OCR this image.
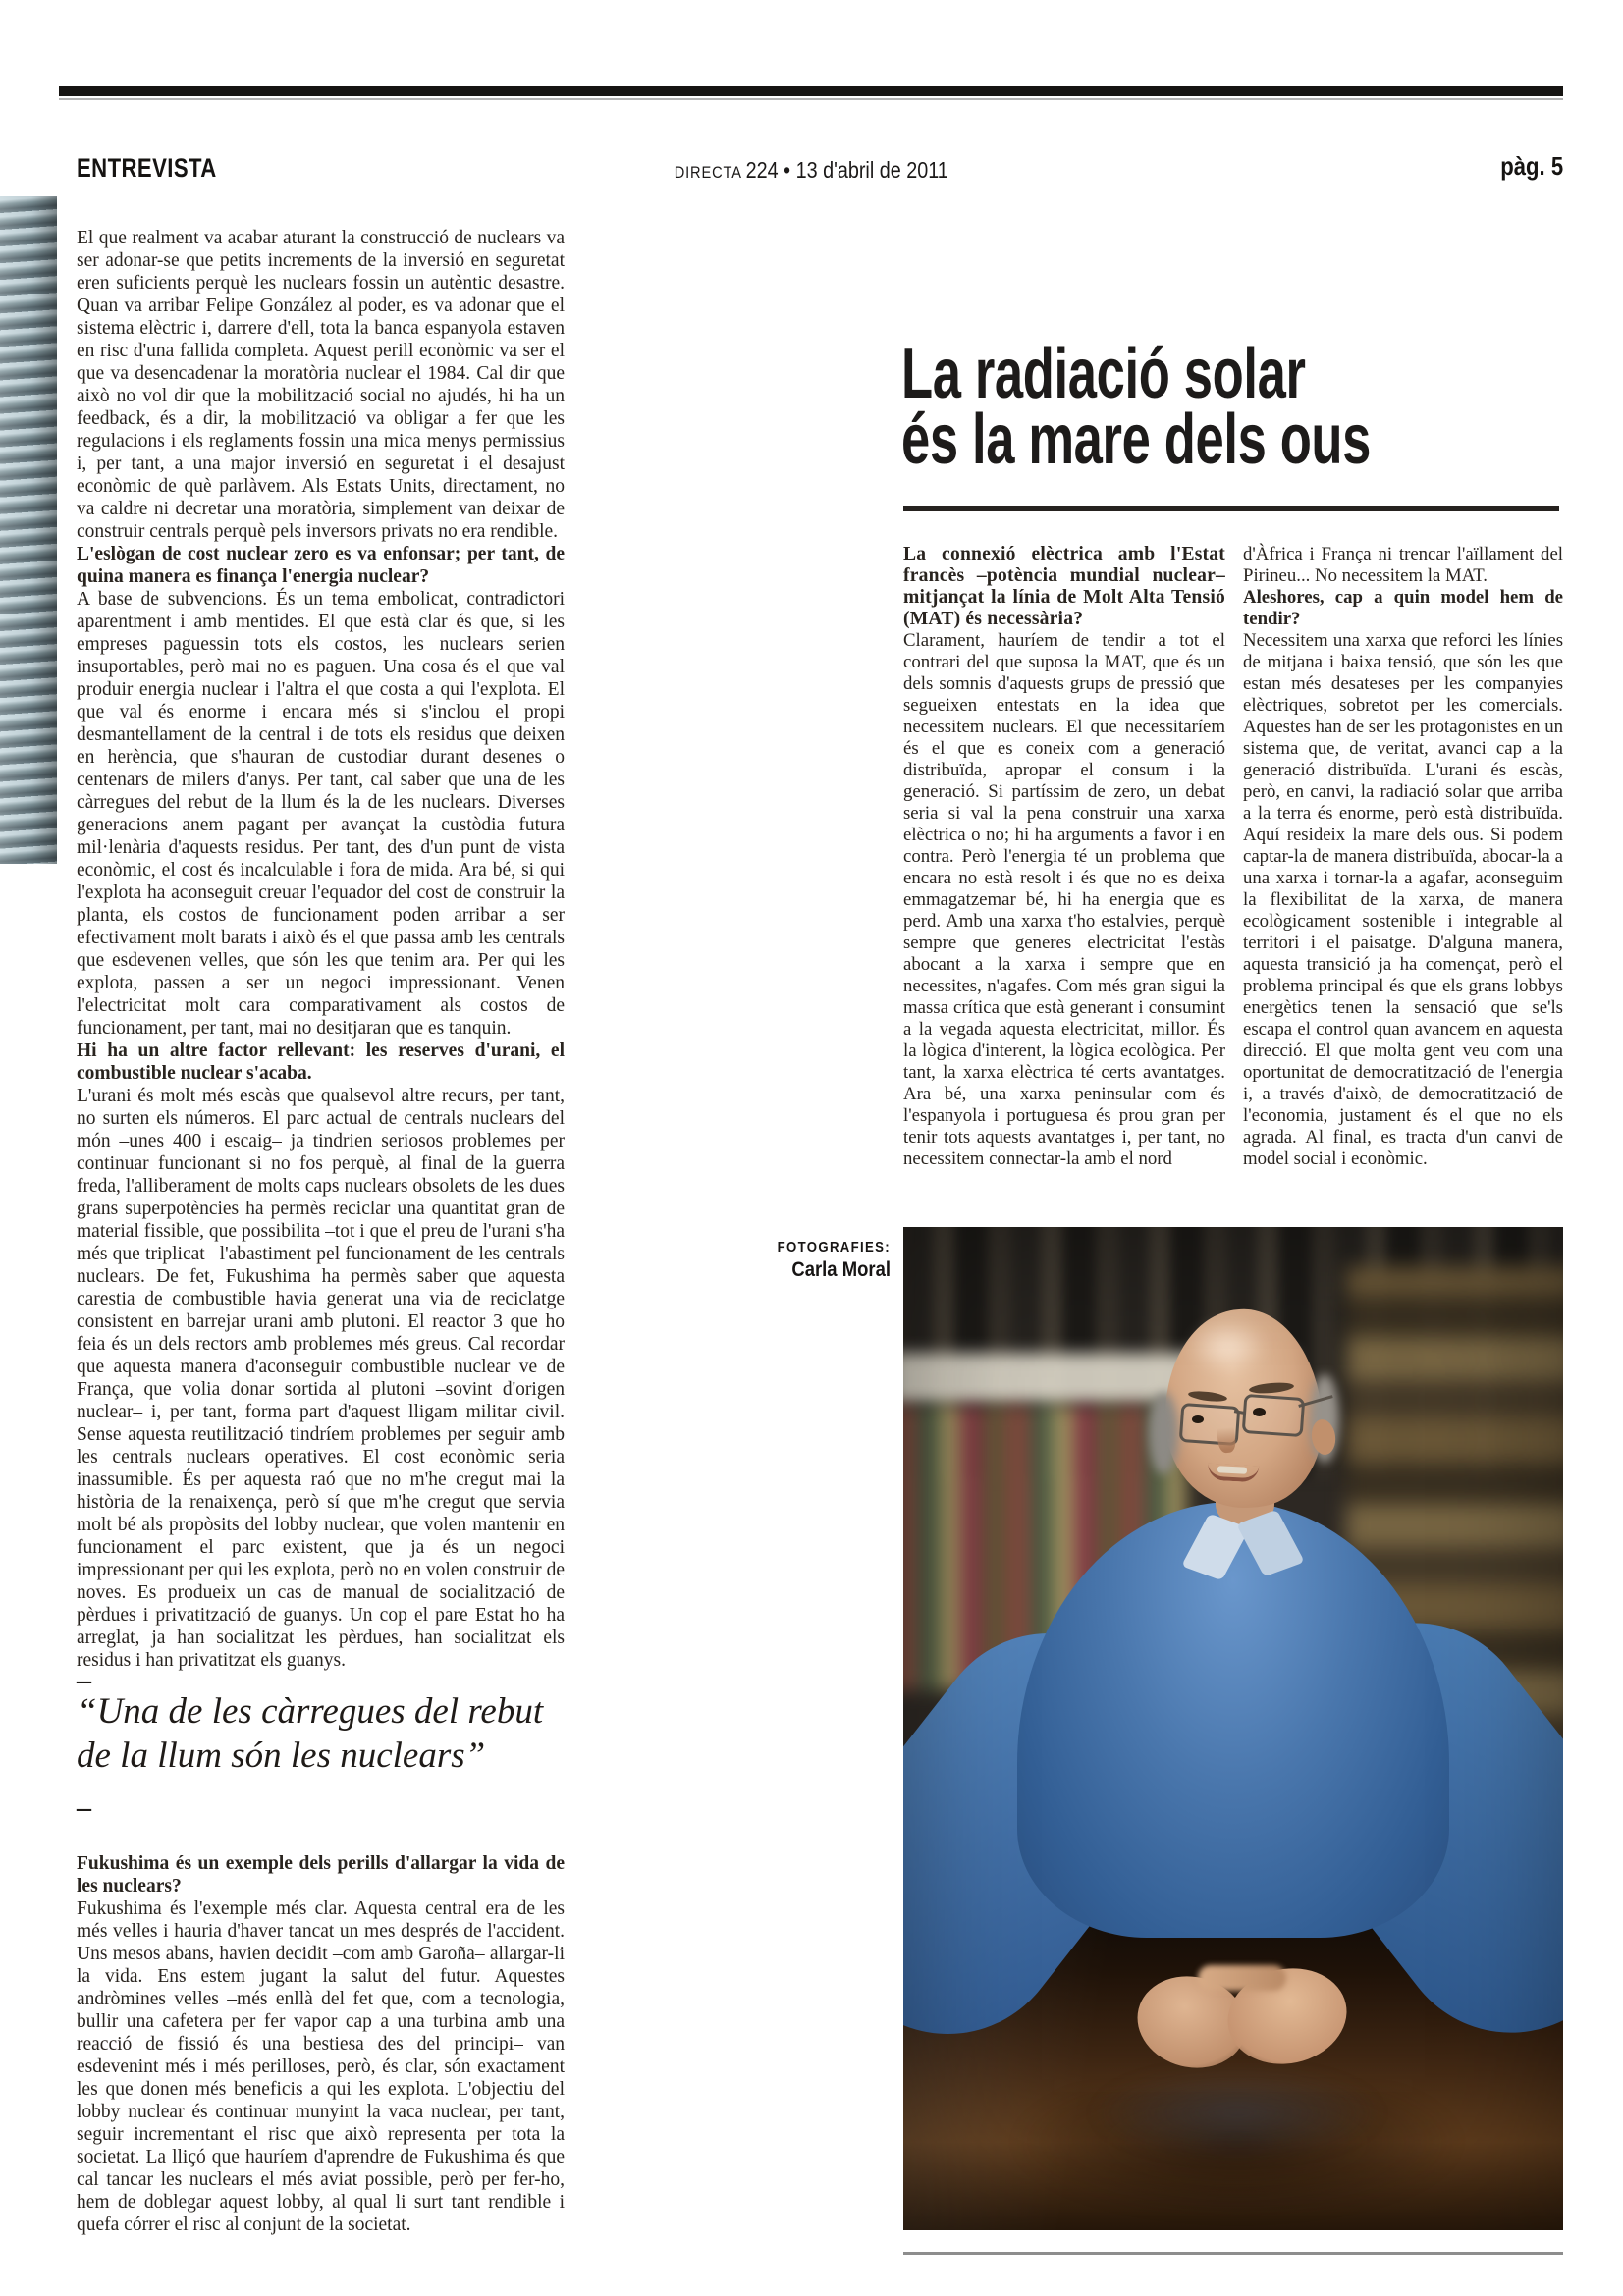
ENTREVISTA	DIRECTA 224 • 13 d'abril de 2011	pàg. 5

El que realment va acabar aturant la construcció de nuclears va ser adonar-se que petits increments de la inversió en seguretat eren suficients perquè les nuclears fossin un autèntic desastre. Quan va arribar Felipe González al poder, es va adonar que el sistema elèctric i, darrere d'ell, tota la banca espanyola estaven en risc d'una fallida completa. Aquest perill econòmic va ser el que va desencadenar la moratòria nuclear el 1984. Cal dir que això no vol dir que la mobilització social no ajudés, hi ha un feedback, és a dir, la mobilització va obligar a fer que les regulacions i els reglaments fossin una mica menys permissius i, per tant, a una major inversió en seguretat i el desajust econòmic de què parlàvem. Als Estats Units, directament, no va caldre ni decretar una moratòria, simplement van deixar de construir centrals perquè pels inversors privats no era rendible.

L'eslògan de cost nuclear zero es va enfonsar; per tant, de quina manera es finança l'energia nuclear?

A base de subvencions. És un tema embolicat, contradictori aparentment i amb mentides. El que està clar és que, si les empreses paguessin tots els costos, les nuclears serien insuportables, però mai no es paguen. Una cosa és el que val produir energia nuclear i l'altra el que costa a qui l'explota. El que val és enorme i encara més si s'inclou el propi desmantellament de la central i de tots els residus que deixen en herència, que s'hauran de custodiar durant desenes o centenars de milers d'anys. Per tant, cal saber que una de les càrregues del rebut de la llum és la de les nuclears. Diverses generacions anem pagant per avançat la custòdia futura mil·lenària d'aquests residus. Per tant, des d'un punt de vista econòmic, el cost és incalculable i fora de mida. Ara bé, si qui l'explota ha aconseguit creuar l'equador del cost de construir la planta, els costos de funcionament poden arribar a ser efectivament molt barats i això és el que passa amb les centrals que esdevenen velles, que són les que tenim ara. Per qui les explota, passen a ser un negoci impressionant. Venen l'electricitat molt cara comparativament als costos de funcionament, per tant, mai no desitjaran que es tanquin.

Hi ha un altre factor rellevant: les reserves d'urani, el combustible nuclear s'acaba.

L'urani és molt més escàs que qualsevol altre recurs, per tant, no surten els números. El parc actual de centrals nuclears del món –unes 400 i escaig– ja tindrien seriosos problemes per continuar funcionant si no fos perquè, al final de la guerra freda, l'alliberament de molts caps nuclears obsolets de les dues grans superpotències ha permès reciclar una quantitat gran de material fissible, que possibilita –tot i que el preu de l'urani s'ha més que triplicat– l'abastiment pel funcionament de les centrals nuclears. De fet, Fukushima ha permès saber que aquesta carestia de combustible havia generat una via de reciclatge consistent en barrejar urani amb plutoni. El reactor 3 que ho feia és un dels rectors amb problemes més greus. Cal recordar que aquesta manera d'aconseguir combustible nuclear ve de França, que volia donar sortida al plutoni –sovint d'origen nuclear– i, per tant, forma part d'aquest lligam militar civil. Sense aquesta reutilització tindríem problemes per seguir amb les centrals nuclears operatives. El cost econòmic seria inassumible. És per aquesta raó que no m'he cregut mai la història de la renaixença, però sí que m'he cregut que servia molt bé als propòsits del lobby nuclear, que volen mantenir en funcionament el parc existent, que ja és un negoci impressionant per qui les explota, però no en volen construir de noves. Es produeix un cas de manual de socialització de pèrdues i privatització de guanys. Un cop el pare Estat ho ha arreglat, ja han socialitzat les pèrdues, han socialitzat els residus i han privatitzat els guanys.

–

“Una de les càrregues del rebut de la llum són les nuclears”

–

Fukushima és un exemple dels perills d'allargar la vida de les nuclears?

Fukushima és l'exemple més clar. Aquesta central era de les més velles i hauria d'haver tancat un mes després de l'accident. Uns mesos abans, havien decidit –com amb Garoña– allargar-li la vida. Ens estem jugant la salut del futur. Aquestes andròmines velles –més enllà del fet que, com a tecnologia, bullir una cafetera per fer vapor cap a una turbina amb una reacció de fissió és una bestiesa des del principi– van esdevenint més i més perilloses, però, és clar, són exactament les que donen més beneficis a qui les explota. L'objectiu del lobby nuclear és continuar munyint la vaca nuclear, per tant, seguir incrementant el risc que això representa per tota la societat. La lliçó que hauríem d'aprendre de Fukushima és que cal tancar les nuclears el més aviat possible, però per fer-ho, hem de doblegar aquest lobby, al qual li surt tant rendible i quefa córrer el risc al conjunt de la societat.

La radiació solar
és la mare dels ous

La connexió elèctrica amb l'Estat francès –potència mundial nuclear– mitjançat la línia de Molt Alta Tensió (MAT) és necessària?

Clarament, hauríem de tendir a tot el contrari del que suposa la MAT, que és un dels somnis d'aquests grups de pressió que segueixen entestats en la idea que necessitem nuclears. El que necessitaríem és el que es coneix com a generació distribuïda, apropar el consum i la generació. Si partíssim de zero, un debat seria si val la pena construir una xarxa elèctrica o no; hi ha arguments a favor i en contra. Però l'energia té un problema que encara no està resolt i és que no es deixa emmagatzemar bé, hi ha energia que es perd. Amb una xarxa t'ho estalvies, perquè sempre que generes electricitat l'estàs abocant a la xarxa i sempre que en necessites, n'agafes. Com més gran sigui la massa crítica que està generant i consumint a la vegada aquesta electricitat, millor. És la lògica d'interent, la lògica ecològica. Per tant, la xarxa elèctrica té certs avantatges. Ara bé, una xarxa peninsular com és l'espanyola i portuguesa és prou gran per tenir tots aquests avantatges i, per tant, no necessitem connectar-la amb el nord

d'Àfrica i França ni trencar l'aïllament del Pirineu... No necessitem la MAT.

Aleshores, cap a quin model hem de tendir?

Necessitem una xarxa que reforci les línies de mitjana i baixa tensió, que són les que estan més desateses per les companyies elèctriques, sobretot per les comercials. Aquestes han de ser les protagonistes en un sistema que, de veritat, avanci cap a la generació distribuïda. L'urani és escàs, però, en canvi, la radiació solar que arriba a la terra és enorme, però està distribuïda. Aquí resideix la mare dels ous. Si podem captar-la de manera distribuïda, abocar-la a una xarxa i tornar-la a agafar, aconseguim la flexibilitat de la xarxa, de manera ecològicament sostenible i integrable al territori i el paisatge. D'alguna manera, aquesta transició ja ha començat, però el problema principal és que els grans lobbys energètics tenen la sensació que se'ls escapa el control quan avancem en aquesta direcció. El que molta gent veu com una oportunitat de democratització de l'energia i, a través d'això, de democratització de l'economia, justament és el que no els agrada. Al final, es tracta d'un canvi de model social i econòmic.

FOTOGRAFIES:
Carla Moral
